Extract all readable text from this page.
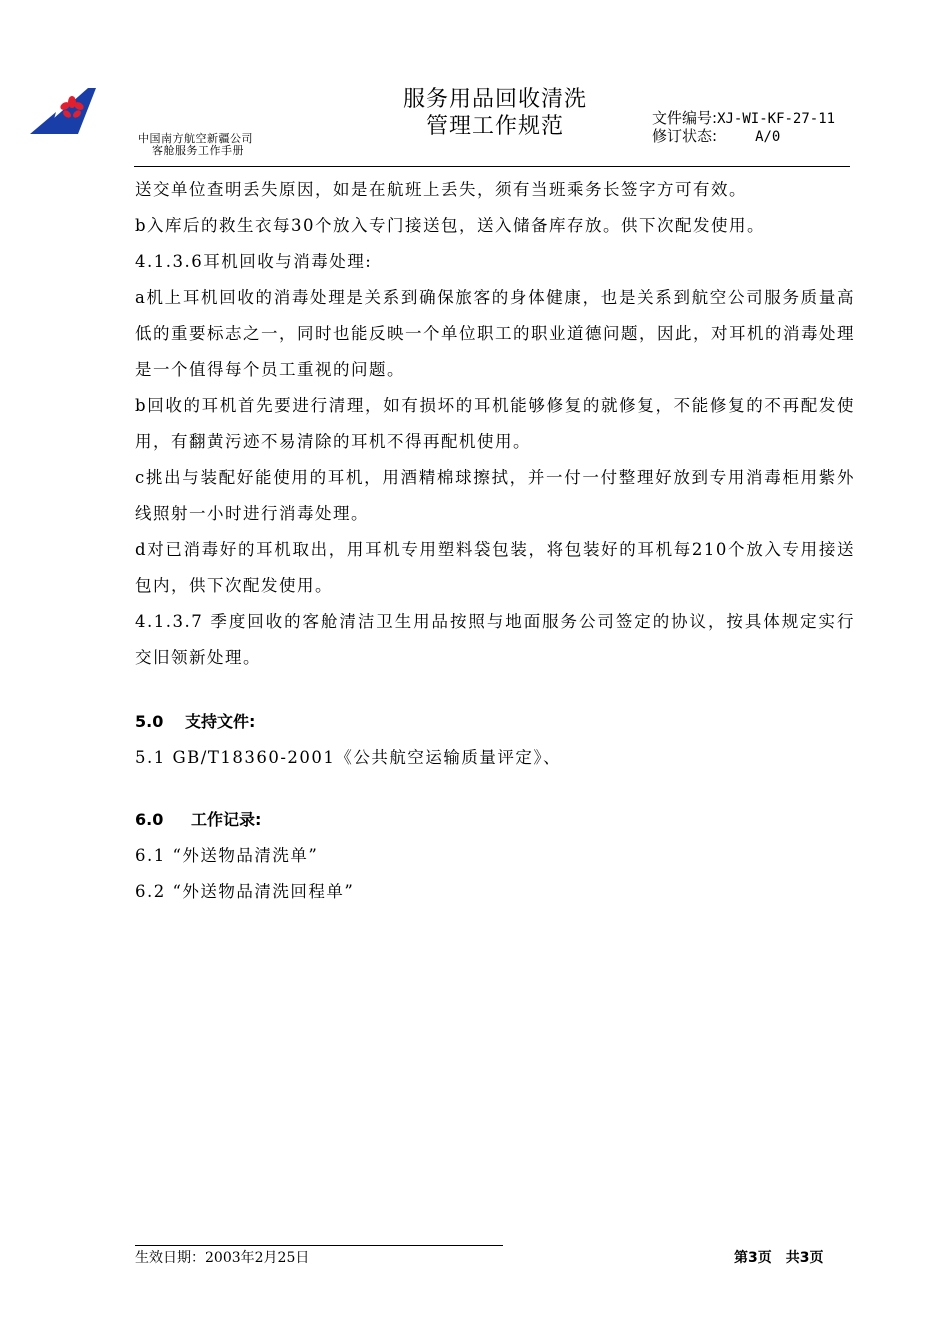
中国南方航空新疆公司
客舱服务工作手册
服务用品回收清洗
管理工作规范	文件编号:XJ-WI-KF-27-11
修订状态:	A/0

送交单位查明丢失原因，如是在航班上丢失，须有当班乘务长签字方可有效。

b入库后的救生衣每30个放入专门接送包，送入储备库存放。供下次配发使用。

4.1.3.6耳机回收与消毒处理:

a机上耳机回收的消毒处理是关系到确保旅客的身体健康，也是关系到航空公司服务质量高低的重要标志之一，同时也能反映一个单位职工的职业道德问题，因此，对耳机的消毒处理是一个值得每个员工重视的问题。

b回收的耳机首先要进行清理，如有损坏的耳机能够修复的就修复，不能修复的不再配发使用，有翻黄污迹不易清除的耳机不得再配机使用。

c挑出与装配好能使用的耳机，用酒精棉球擦拭，并一付一付整理好放到专用消毒柜用紫外线照射一小时进行消毒处理。

d对已消毒好的耳机取出，用耳机专用塑料袋包装，将包装好的耳机每210个放入专用接送包内，供下次配发使用。

4.1.3.7 季度回收的客舱清洁卫生用品按照与地面服务公司签定的协议，按具体规定实行交旧领新处理。

5.0 支持文件:

5.1 GB/T18360-2001《公共航空运输质量评定》、

6.0 工作记录:

6.1 “外送物品清洗单”

6.2 “外送物品清洗回程单”

生效日期：2003年2月25日	第3页 共3页
